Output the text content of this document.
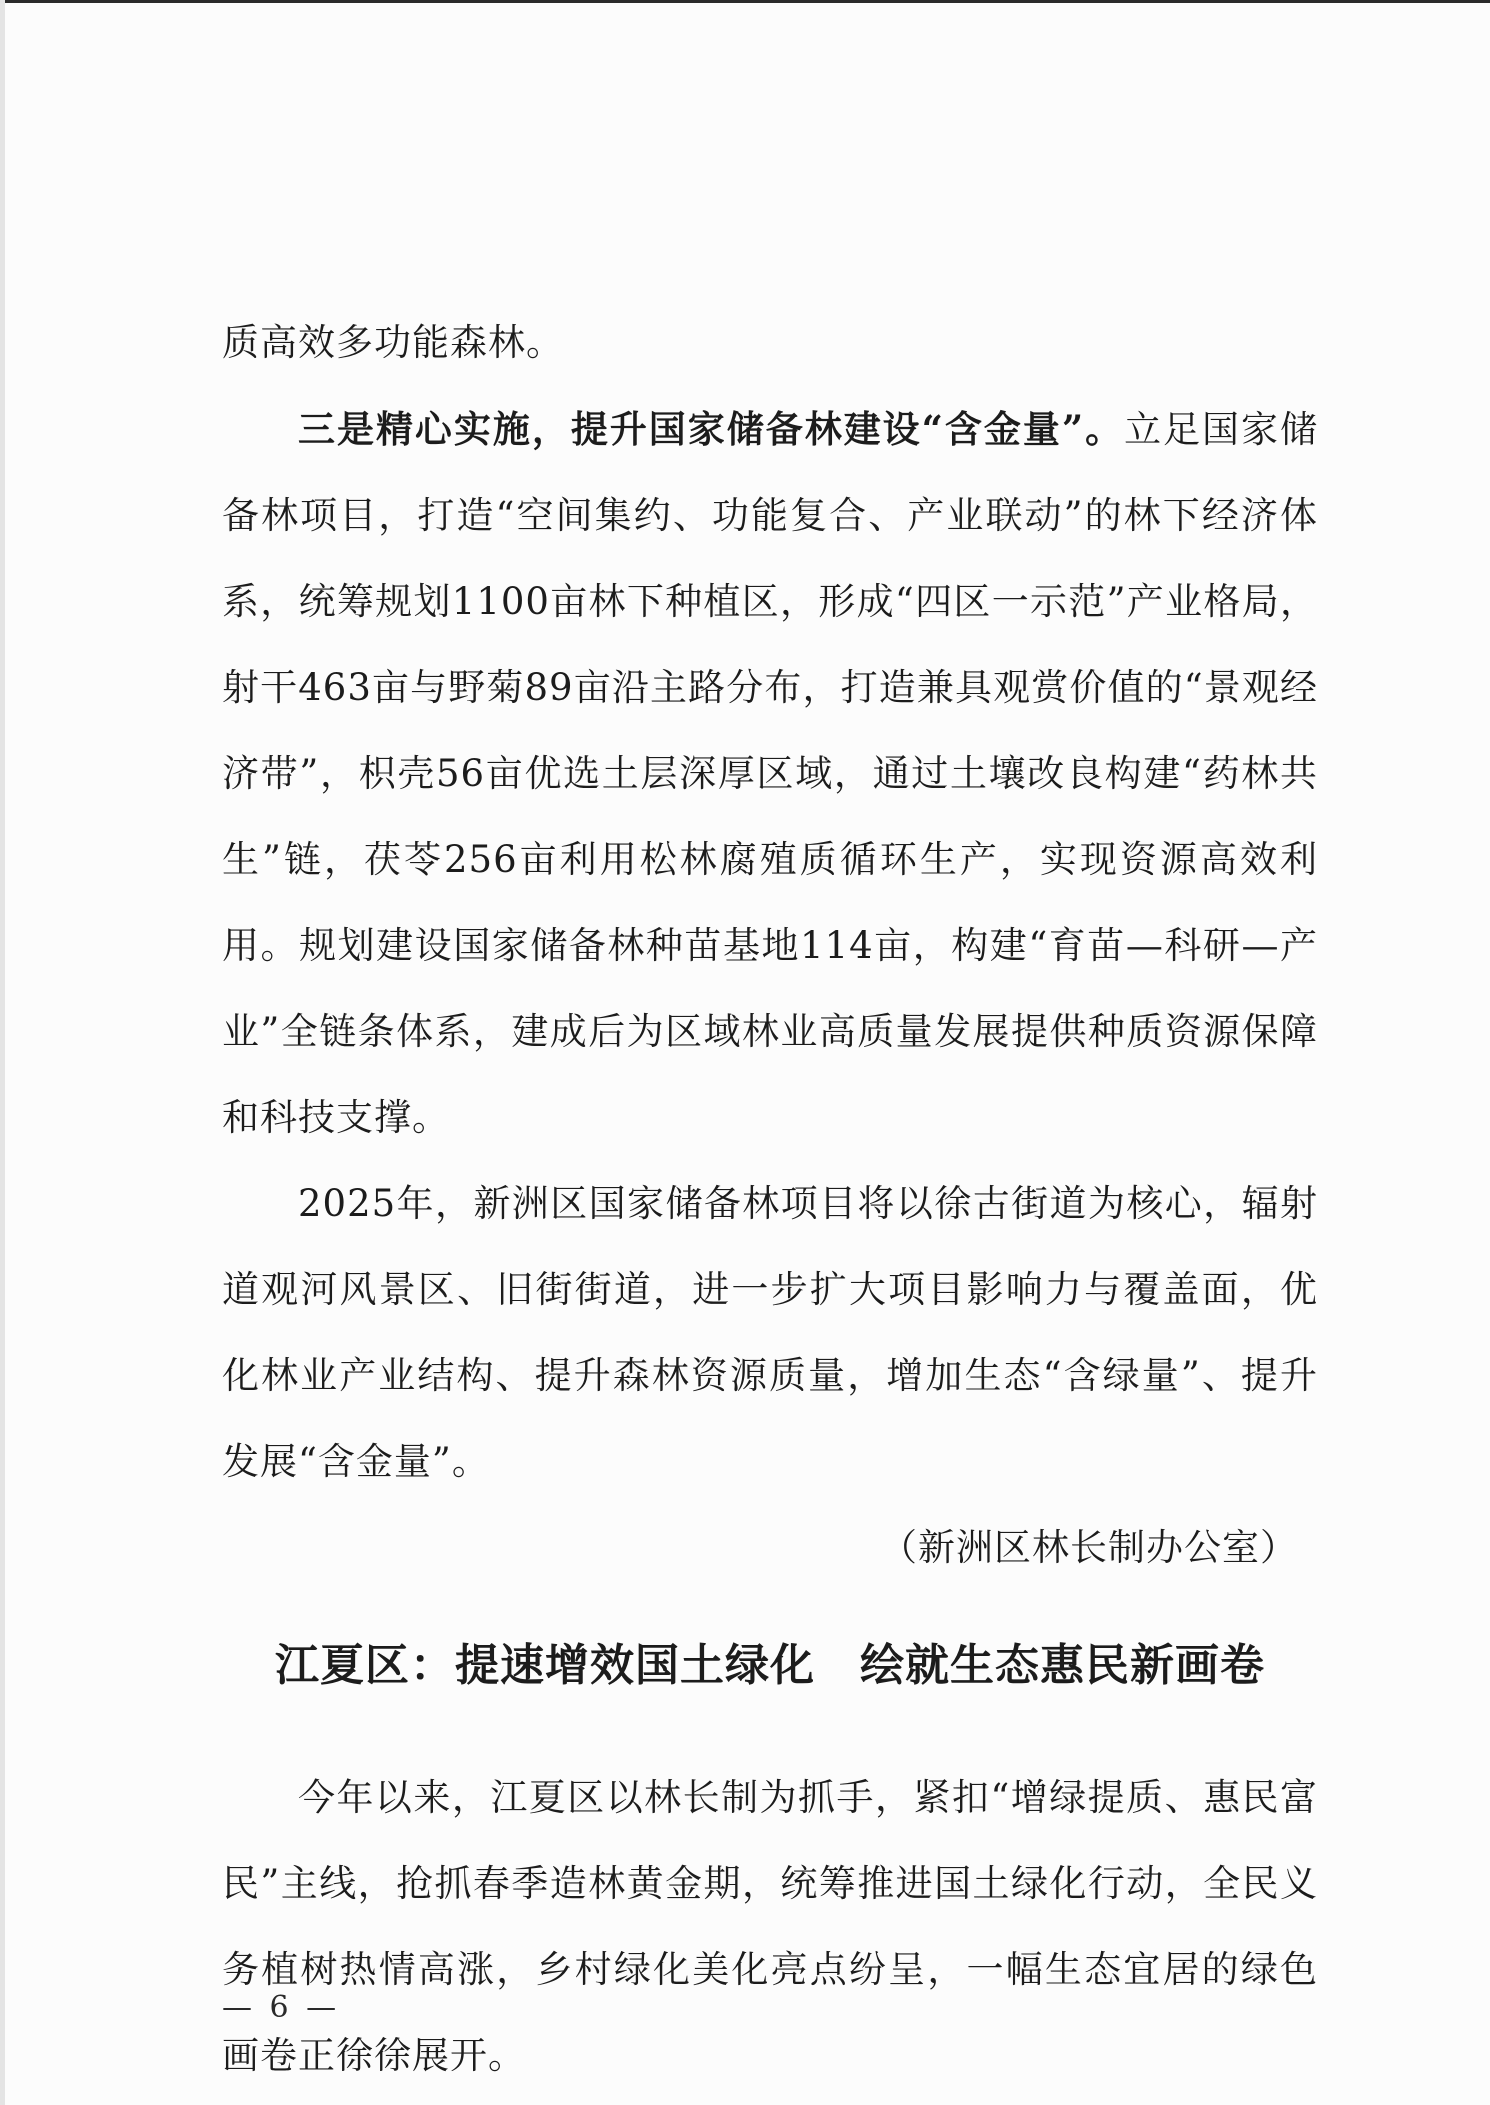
质高效多功能森林。

三是精心实施，提升国家储备林建设“含金量”。立足国家储备林项目，打造“空间集约、功能复合、产业联动”的林下经济体系，统筹规划1100亩林下种植区，形成“四区一示范”产业格局，射干463亩与野菊89亩沿主路分布，打造兼具观赏价值的“景观经济带”，枳壳56亩优选土层深厚区域，通过土壤改良构建“药林共生”链，茯苓256亩利用松林腐殖质循环生产，实现资源高效利用。规划建设国家储备林种苗基地114亩，构建“育苗—科研—产业”全链条体系，建成后为区域林业高质量发展提供种质资源保障和科技支撑。

2025年，新洲区国家储备林项目将以徐古街道为核心，辐射道观河风景区、旧街街道，进一步扩大项目影响力与覆盖面，优化林业产业结构、提升森林资源质量，增加生态“含绿量”、提升发展“含金量”。

（新洲区林长制办公室）

江夏区：提速增效国土绿化　绘就生态惠民新画卷

今年以来，江夏区以林长制为抓手，紧扣“增绿提质、惠民富民”主线，抢抓春季造林黄金期，统筹推进国土绿化行动，全民义务植树热情高涨，乡村绿化美化亮点纷呈，一幅生态宜居的绿色画卷正徐徐展开。

— 6 —
